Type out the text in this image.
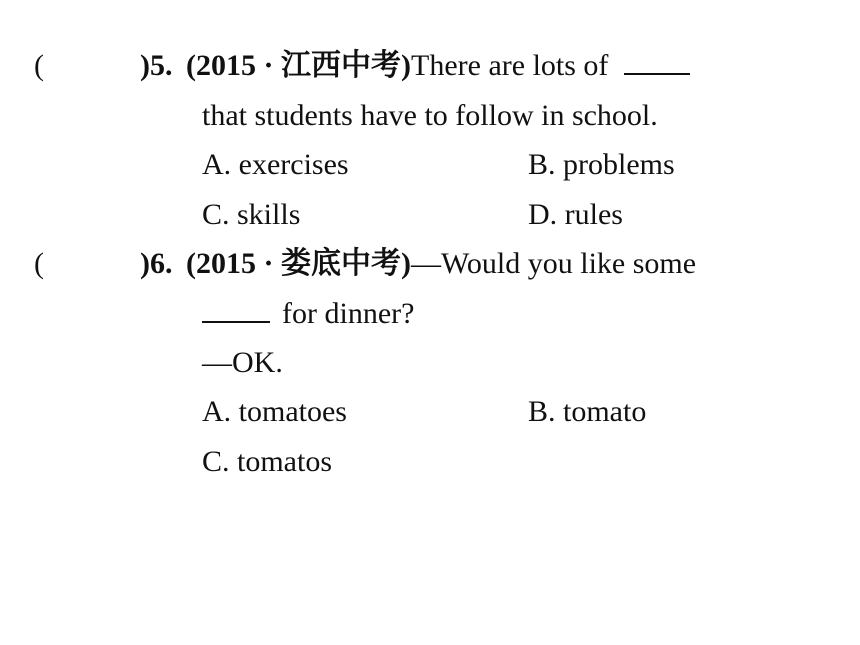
(	)5. (2015 · 江西中考)There are lots of
that students have to follow in school.
A. exercises	B. problems
C. skills	D. rules
(	)6. (2015 · 娄底中考)—Would you like some
for dinner?
—OK.
A. tomatoes	B. tomato
C. tomatos
